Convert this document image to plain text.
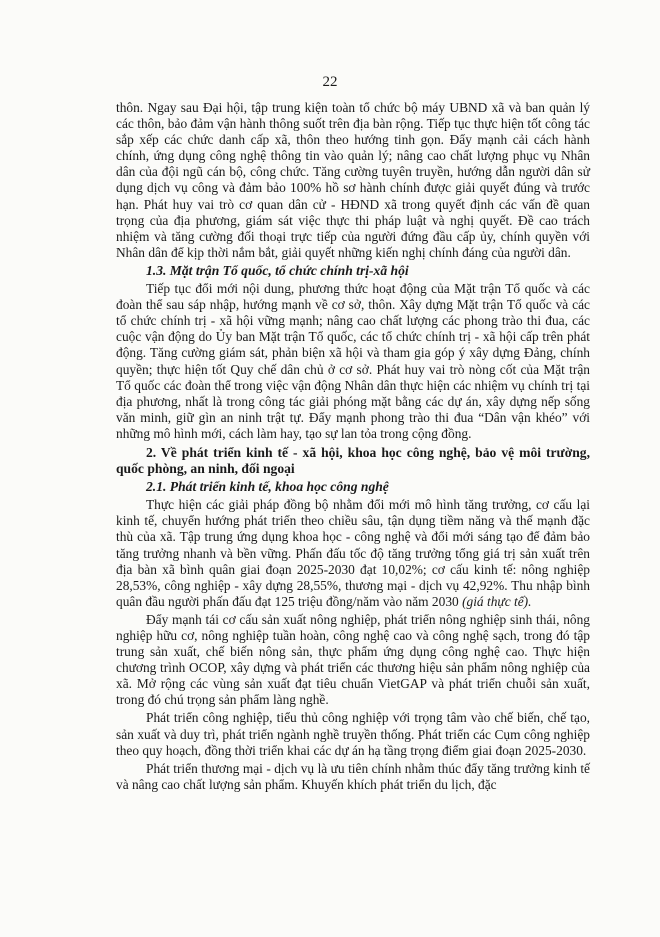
22

thôn. Ngay sau Đại hội, tập trung kiện toàn tổ chức bộ máy UBND xã và ban quản lý các thôn, bảo đảm vận hành thông suốt trên địa bàn rộng. Tiếp tục thực hiện tốt công tác sắp xếp các chức danh cấp xã, thôn theo hướng tinh gọn. Đẩy mạnh cải cách hành chính, ứng dụng công nghệ thông tin vào quản lý; nâng cao chất lượng phục vụ Nhân dân của đội ngũ cán bộ, công chức. Tăng cường tuyên truyền, hướng dẫn người dân sử dụng dịch vụ công và đảm bảo 100% hồ sơ hành chính được giải quyết đúng và trước hạn. Phát huy vai trò cơ quan dân cử - HĐND xã trong quyết định các vấn đề quan trọng của địa phương, giám sát việc thực thi pháp luật và nghị quyết. Đề cao trách nhiệm và tăng cường đối thoại trực tiếp của người đứng đầu cấp ủy, chính quyền với Nhân dân để kịp thời nắm bắt, giải quyết những kiến nghị chính đáng của người dân.

1.3. Mặt trận Tổ quốc, tổ chức chính trị-xã hội

Tiếp tục đổi mới nội dung, phương thức hoạt động của Mặt trận Tổ quốc và các đoàn thể sau sáp nhập, hướng mạnh về cơ sở, thôn. Xây dựng Mặt trận Tổ quốc và các tổ chức chính trị - xã hội vững mạnh; nâng cao chất lượng các phong trào thi đua, các cuộc vận động do Ủy ban Mặt trận Tổ quốc, các tổ chức chính trị - xã hội cấp trên phát động. Tăng cường giám sát, phản biện xã hội và tham gia góp ý xây dựng Đảng, chính quyền; thực hiện tốt Quy chế dân chủ ở cơ sở. Phát huy vai trò nòng cốt của Mặt trận Tổ quốc các đoàn thể trong việc vận động Nhân dân thực hiện các nhiệm vụ chính trị tại địa phương, nhất là trong công tác giải phóng mặt bằng các dự án, xây dựng nếp sống văn minh, giữ gìn an ninh trật tự. Đẩy mạnh phong trào thi đua “Dân vận khéo” với những mô hình mới, cách làm hay, tạo sự lan tỏa trong cộng đồng.

2. Về phát triển kinh tế - xã hội, khoa học công nghệ, bảo vệ môi trường, quốc phòng, an ninh, đối ngoại
2.1. Phát triển kinh tế, khoa học công nghệ

Thực hiện các giải pháp đồng bộ nhằm đổi mới mô hình tăng trưởng, cơ cấu lại kinh tế, chuyển hướng phát triển theo chiều sâu, tận dụng tiềm năng và thế mạnh đặc thù của xã. Tập trung ứng dụng khoa học - công nghệ và đổi mới sáng tạo để đảm bảo tăng trưởng nhanh và bền vững. Phấn đấu tốc độ tăng trưởng tổng giá trị sản xuất trên địa bàn xã bình quân giai đoạn 2025-2030 đạt 10,02%; cơ cấu kinh tế: nông nghiệp 28,53%, công nghiệp - xây dựng 28,55%, thương mại - dịch vụ 42,92%. Thu nhập bình quân đầu người phấn đấu đạt 125 triệu đồng/năm vào năm 2030 (giá thực tế).

Đẩy mạnh tái cơ cấu sản xuất nông nghiệp, phát triển nông nghiệp sinh thái, nông nghiệp hữu cơ, nông nghiệp tuần hoàn, công nghệ cao và công nghệ sạch, trong đó tập trung sản xuất, chế biến nông sản, thực phẩm ứng dụng công nghệ cao. Thực hiện chương trình OCOP, xây dựng và phát triển các thương hiệu sản phẩm nông nghiệp của xã. Mở rộng các vùng sản xuất đạt tiêu chuẩn VietGAP và phát triển chuỗi sản xuất, trong đó chú trọng sản phẩm làng nghề.

Phát triển công nghiệp, tiểu thủ công nghiệp với trọng tâm vào chế biến, chế tạo, sản xuất và duy trì, phát triển ngành nghề truyền thống. Phát triển các Cụm công nghiệp theo quy hoạch, đồng thời triển khai các dự án hạ tầng trọng điểm giai đoạn 2025-2030.

Phát triển thương mại - dịch vụ là ưu tiên chính nhằm thúc đẩy tăng trưởng kinh tế và nâng cao chất lượng sản phẩm. Khuyến khích phát triển du lịch, đặc
